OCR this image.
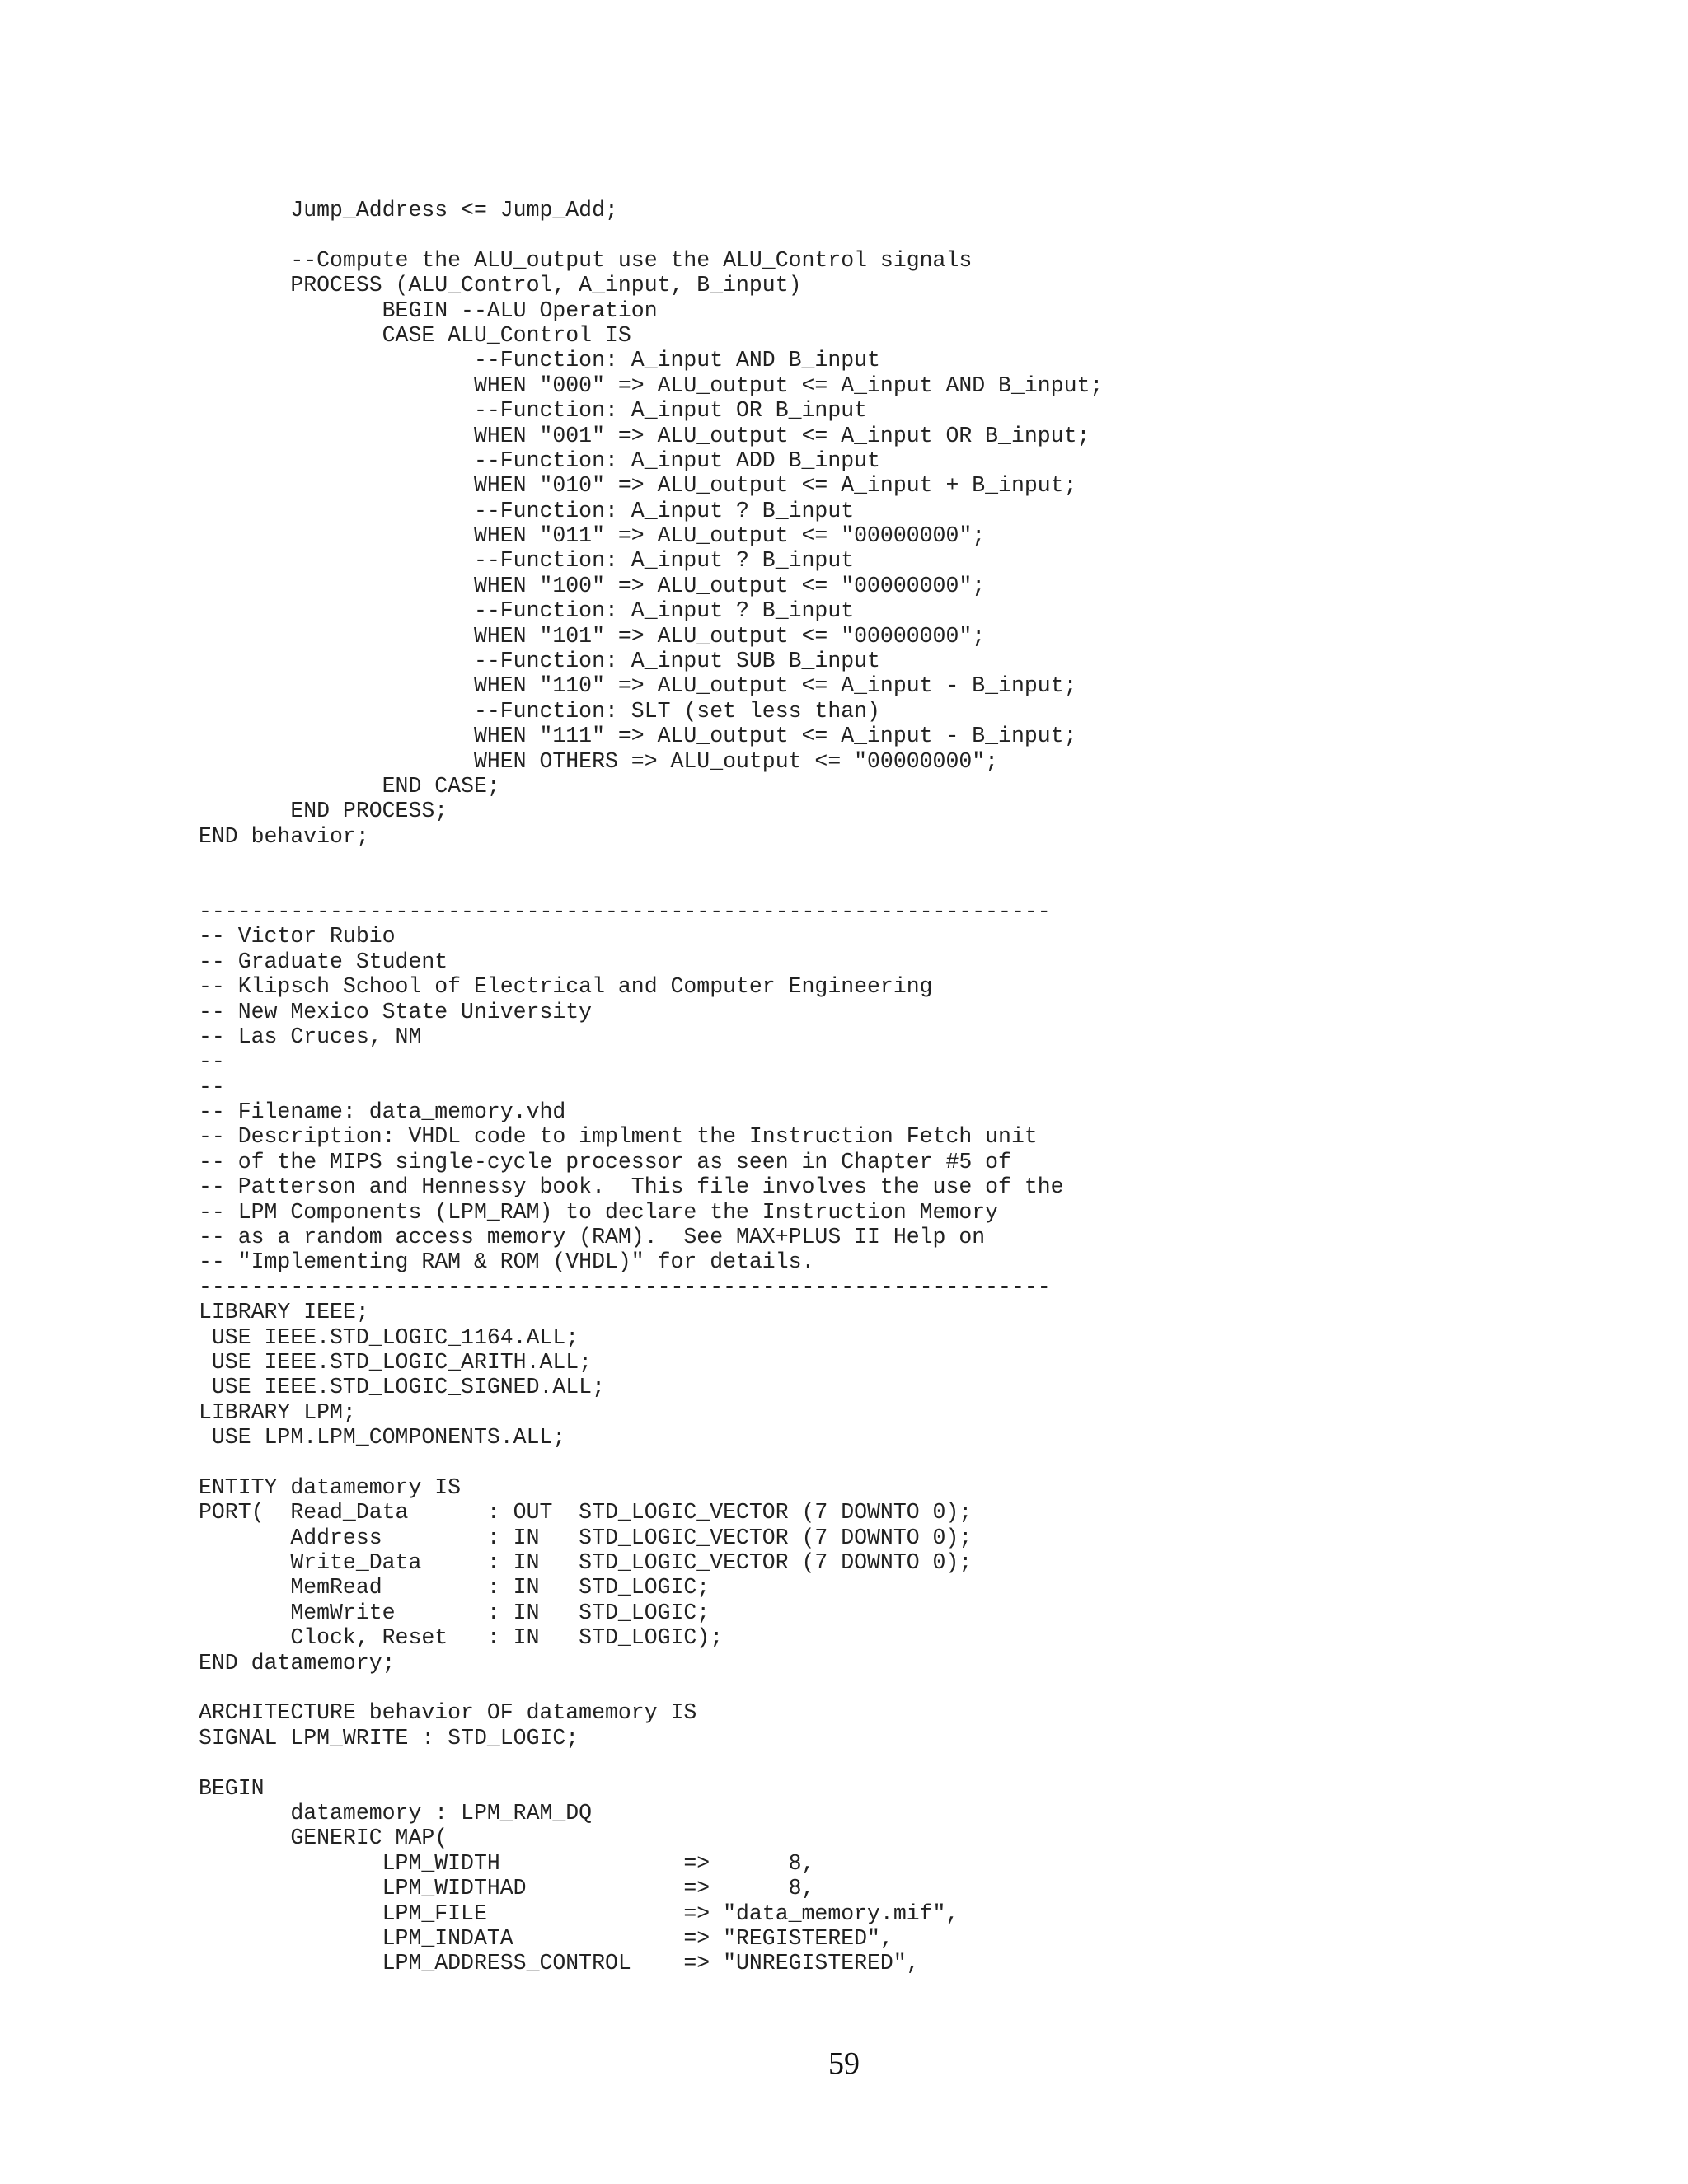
Jump_Address <= Jump_Add;
--Compute the ALU_output use the ALU_Control signals
PROCESS (ALU_Control, A_input, B_input)
BEGIN --ALU Operation
CASE ALU_Control IS
--Function: A_input AND B_input
WHEN "000" => ALU_output <= A_input AND B_input;
--Function: A_input OR B_input
WHEN "001" => ALU_output <= A_input OR B_input;
--Function: A_input ADD B_input
WHEN "010" => ALU_output <= A_input + B_input;
--Function: A_input ? B_input
WHEN "011" => ALU_output <= "00000000";
--Function: A_input ? B_input
WHEN "100" => ALU_output <= "00000000";
--Function: A_input ? B_input
WHEN "101" => ALU_output <= "00000000";
--Function: A_input SUB B_input
WHEN "110" => ALU_output <= A_input - B_input;
--Function: SLT (set less than)
WHEN "111" => ALU_output <= A_input - B_input;
WHEN OTHERS => ALU_output <= "00000000";
END CASE;
END PROCESS;
END behavior;
-----------------------------------------------------------------
-- Victor Rubio
-- Graduate Student
-- Klipsch School of Electrical and Computer Engineering
-- New Mexico State University
-- Las Cruces, NM
--
--
-- Filename: data_memory.vhd
-- Description: VHDL code to implment the Instruction Fetch unit
-- of the MIPS single-cycle processor as seen in Chapter #5 of
-- Patterson and Hennessy book.  This file involves the use of the
-- LPM Components (LPM_RAM) to declare the Instruction Memory
-- as a random access memory (RAM).  See MAX+PLUS II Help on
-- "Implementing RAM & ROM (VHDL)" for details.
-----------------------------------------------------------------
LIBRARY IEEE;
USE IEEE.STD_LOGIC_1164.ALL;
USE IEEE.STD_LOGIC_ARITH.ALL;
USE IEEE.STD_LOGIC_SIGNED.ALL;
LIBRARY LPM;
USE LPM.LPM_COMPONENTS.ALL;
ENTITY datamemory IS
PORT(  Read_Data      : OUT  STD_LOGIC_VECTOR (7 DOWNTO 0);
Address        : IN   STD_LOGIC_VECTOR (7 DOWNTO 0);
Write_Data     : IN   STD_LOGIC_VECTOR (7 DOWNTO 0);
MemRead        : IN   STD_LOGIC;
MemWrite       : IN   STD_LOGIC;
Clock, Reset   : IN   STD_LOGIC);
END datamemory;
ARCHITECTURE behavior OF datamemory IS
SIGNAL LPM_WRITE : STD_LOGIC;
BEGIN
datamemory : LPM_RAM_DQ
GENERIC MAP(
LPM_WIDTH              =>      8,
LPM_WIDTHAD            =>      8,
LPM_FILE               => "data_memory.mif",
LPM_INDATA             => "REGISTERED",
LPM_ADDRESS_CONTROL    => "UNREGISTERED",
59
